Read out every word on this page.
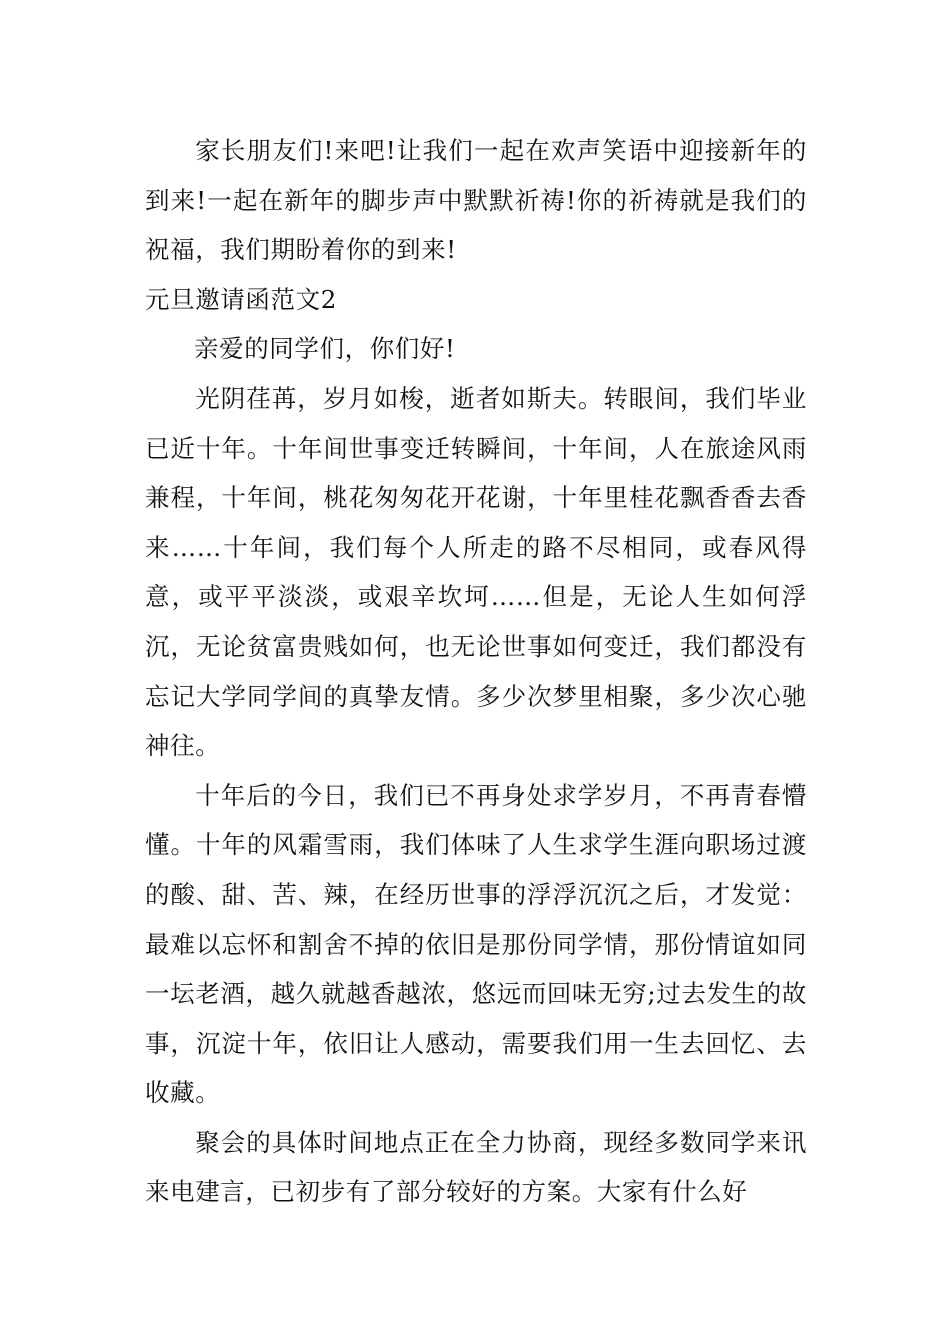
家长朋友们!来吧!让我们一起在欢声笑语中迎接新年的到来!一起在新年的脚步声中默默祈祷!你的祈祷就是我们的祝福，我们期盼着你的到来!

元旦邀请函范文2

亲爱的同学们，你们好!

光阴荏苒，岁月如梭，逝者如斯夫。转眼间，我们毕业已近十年。十年间世事变迁转瞬间，十年间，人在旅途风雨兼程，十年间，桃花匆匆花开花谢，十年里桂花飘香香去香来……十年间，我们每个人所走的路不尽相同，或春风得意，或平平淡淡，或艰辛坎坷……但是，无论人生如何浮沉，无论贫富贵贱如何，也无论世事如何变迁，我们都没有忘记大学同学间的真挚友情。多少次梦里相聚，多少次心驰神往。

十年后的今日，我们已不再身处求学岁月，不再青春懵懂。十年的风霜雪雨，我们体味了人生求学生涯向职场过渡的酸、甜、苦、辣，在经历世事的浮浮沉沉之后，才发觉：最难以忘怀和割舍不掉的依旧是那份同学情，那份情谊如同一坛老酒，越久就越香越浓，悠远而回味无穷;过去发生的故事，沉淀十年，依旧让人感动，需要我们用一生去回忆、去收藏。

聚会的具体时间地点正在全力协商，现经多数同学来讯来电建言，已初步有了部分较好的方案。大家有什么好
